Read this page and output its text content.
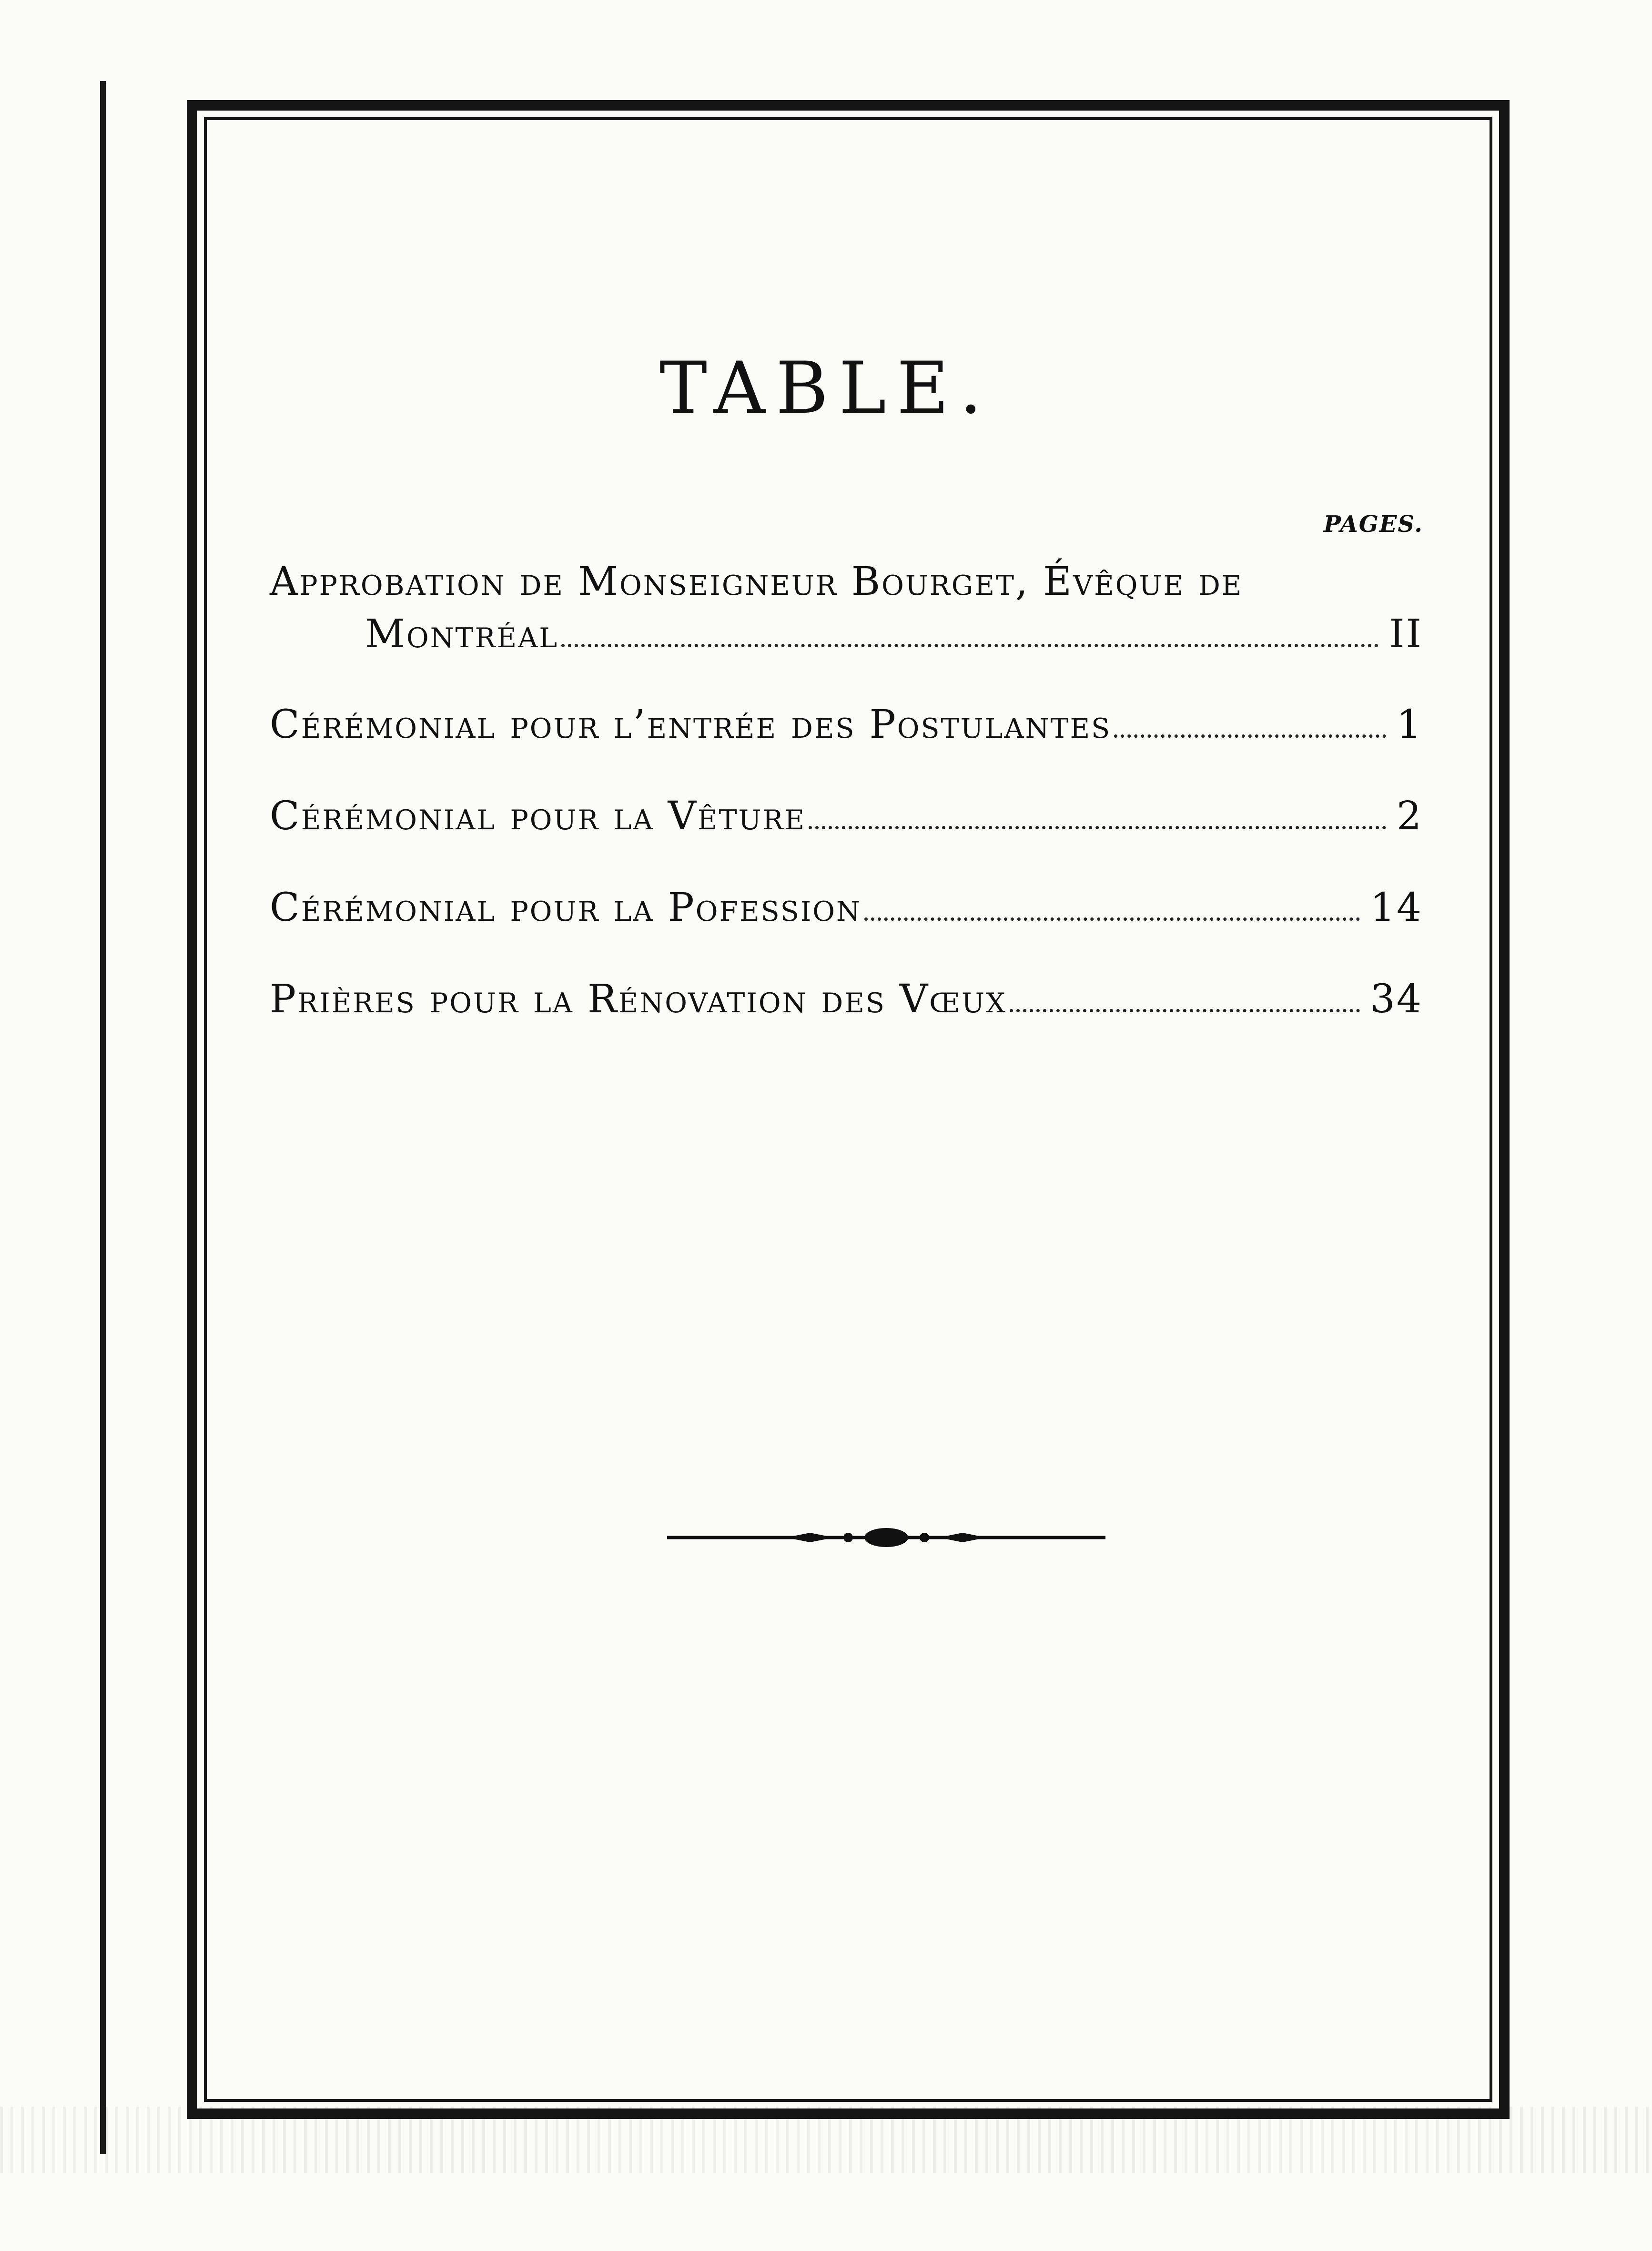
TABLE.
PAGES.
Approbation de Monseigneur Bourget, Évêque de
Montréal	II
Cérémonial pour l’entrée des Postulantes	1
Cérémonial pour la Vêture	2
Cérémonial pour la Pofession	14
Prières pour la Rénovation des Vœux	34
